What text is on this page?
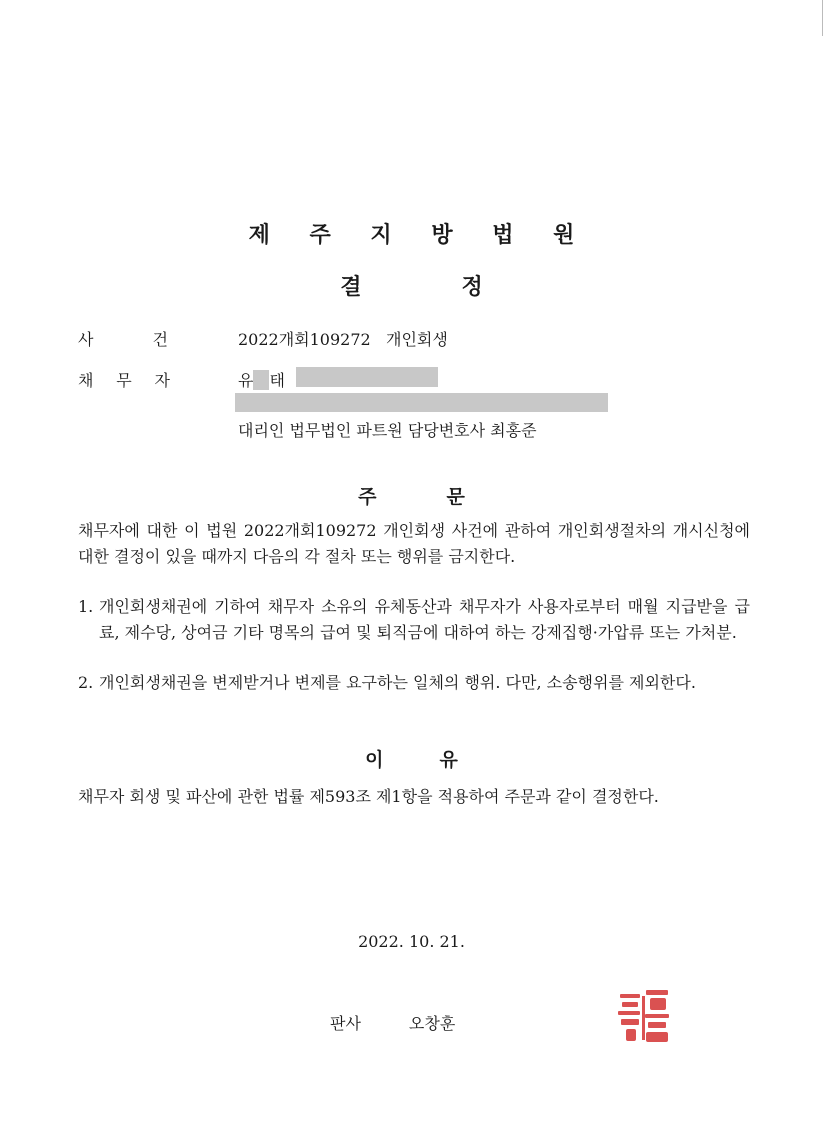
제 주 지 방 법 원
결	정
사	건	2022개회109272 개인회생
채 무 자	유 태
대리인 법무법인 파트원 담당변호사 최홍준
주	문
채무자에 대한 이 법원 2022개회109272 개인회생 사건에 관하여 개인회생절차의 개시신청에 대한 결정이 있을 때까지 다음의 각 절차 또는 행위를 금지한다.
1. 개인회생채권에 기하여 채무자 소유의 유체동산과 채무자가 사용자로부터 매월 지급받을 급료, 제수당, 상여금 기타 명목의 급여 및 퇴직금에 대하여 하는 강제집행·가압류 또는 가처분.
2. 개인회생채권을 변제받거나 변제를 요구하는 일체의 행위. 다만, 소송행위를 제외한다.
이	유
채무자 회생 및 파산에 관한 법률 제593조 제1항을 적용하여 주문과 같이 결정한다.
2022. 10. 21.
판사	오창훈
